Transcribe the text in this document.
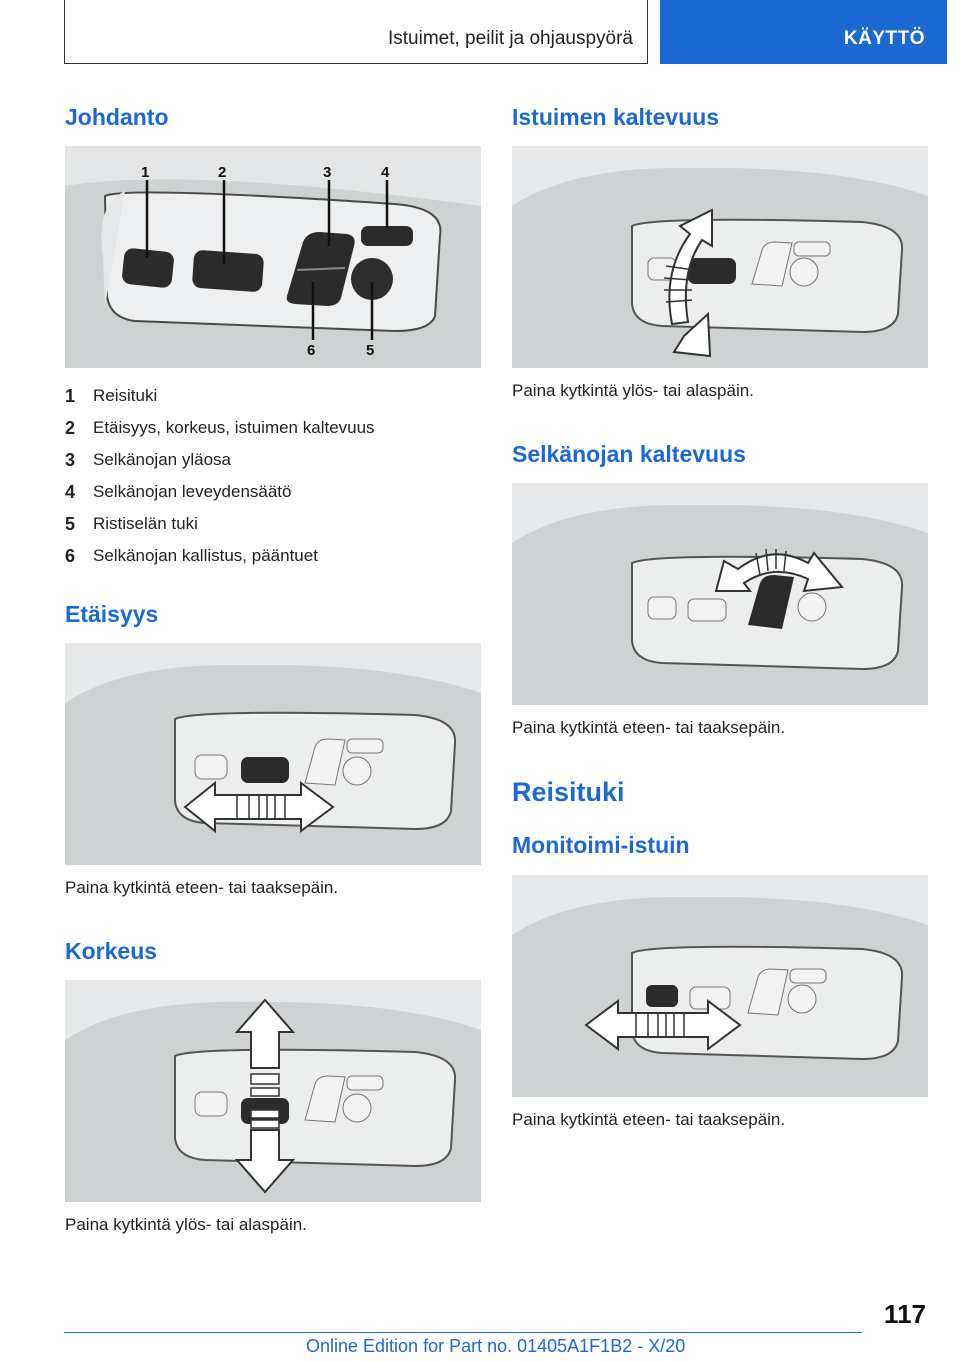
Istuimet, peilit ja ohjauspyörä	KÄYTTÖ
Johdanto
1	2	3	4
6	5
1	Reisituki
2	Etäisyys, korkeus, istuimen kaltevuus
3	Selkänojan yläosa
4	Selkänojan leveydensäätö
5	Ristiselän tuki
6	Selkänojan kallistus, pääntuet
Etäisyys

Paina kytkintä eteen- tai taaksepäin.

Korkeus

Paina kytkintä ylös- tai alaspäin.

Istuimen kaltevuus

Paina kytkintä ylös- tai alaspäin.

Selkänojan kaltevuus

Paina kytkintä eteen- tai taaksepäin.

Reisituki
Monitoimi-istuin

Paina kytkintä eteen- tai taaksepäin.

117
Online Edition for Part no. 01405A1F1B2 - X/20
